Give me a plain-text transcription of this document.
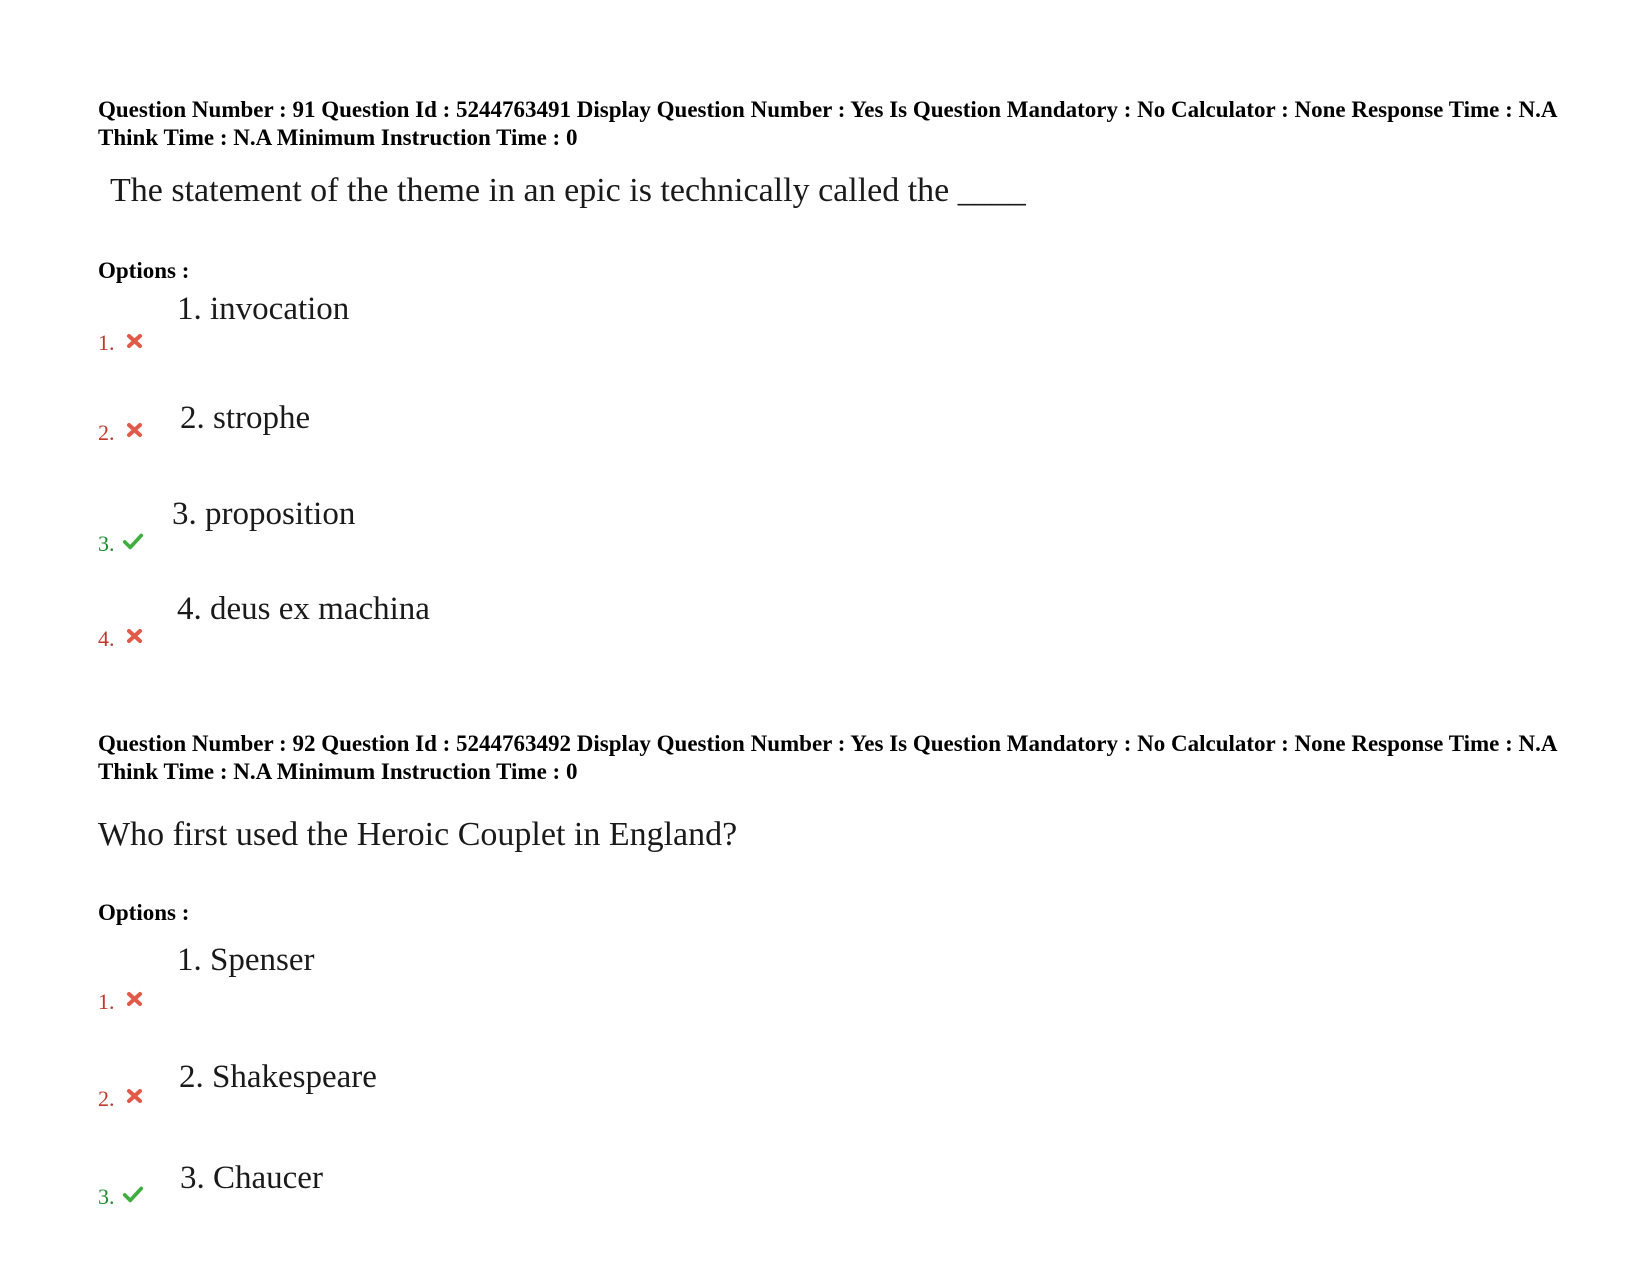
Question Number : 91 Question Id : 5244763491 Display Question Number : Yes Is Question Mandatory : No Calculator : None Response Time : N.A Think Time : N.A Minimum Instruction Time : 0
The statement of the theme in an epic is technically called the ____
Options :
1.
1. invocation
2. 2. strophe
3.
3. proposition
4.
4. deus ex machina
Question Number : 92 Question Id : 5244763492 Display Question Number : Yes Is Question Mandatory : No Calculator : None Response Time : N.A Think Time : N.A Minimum Instruction Time : 0
Who first used the Heroic Couplet in England?
Options :
1.
1. Spenser
2.
2. Shakespeare
3.
3. Chaucer
